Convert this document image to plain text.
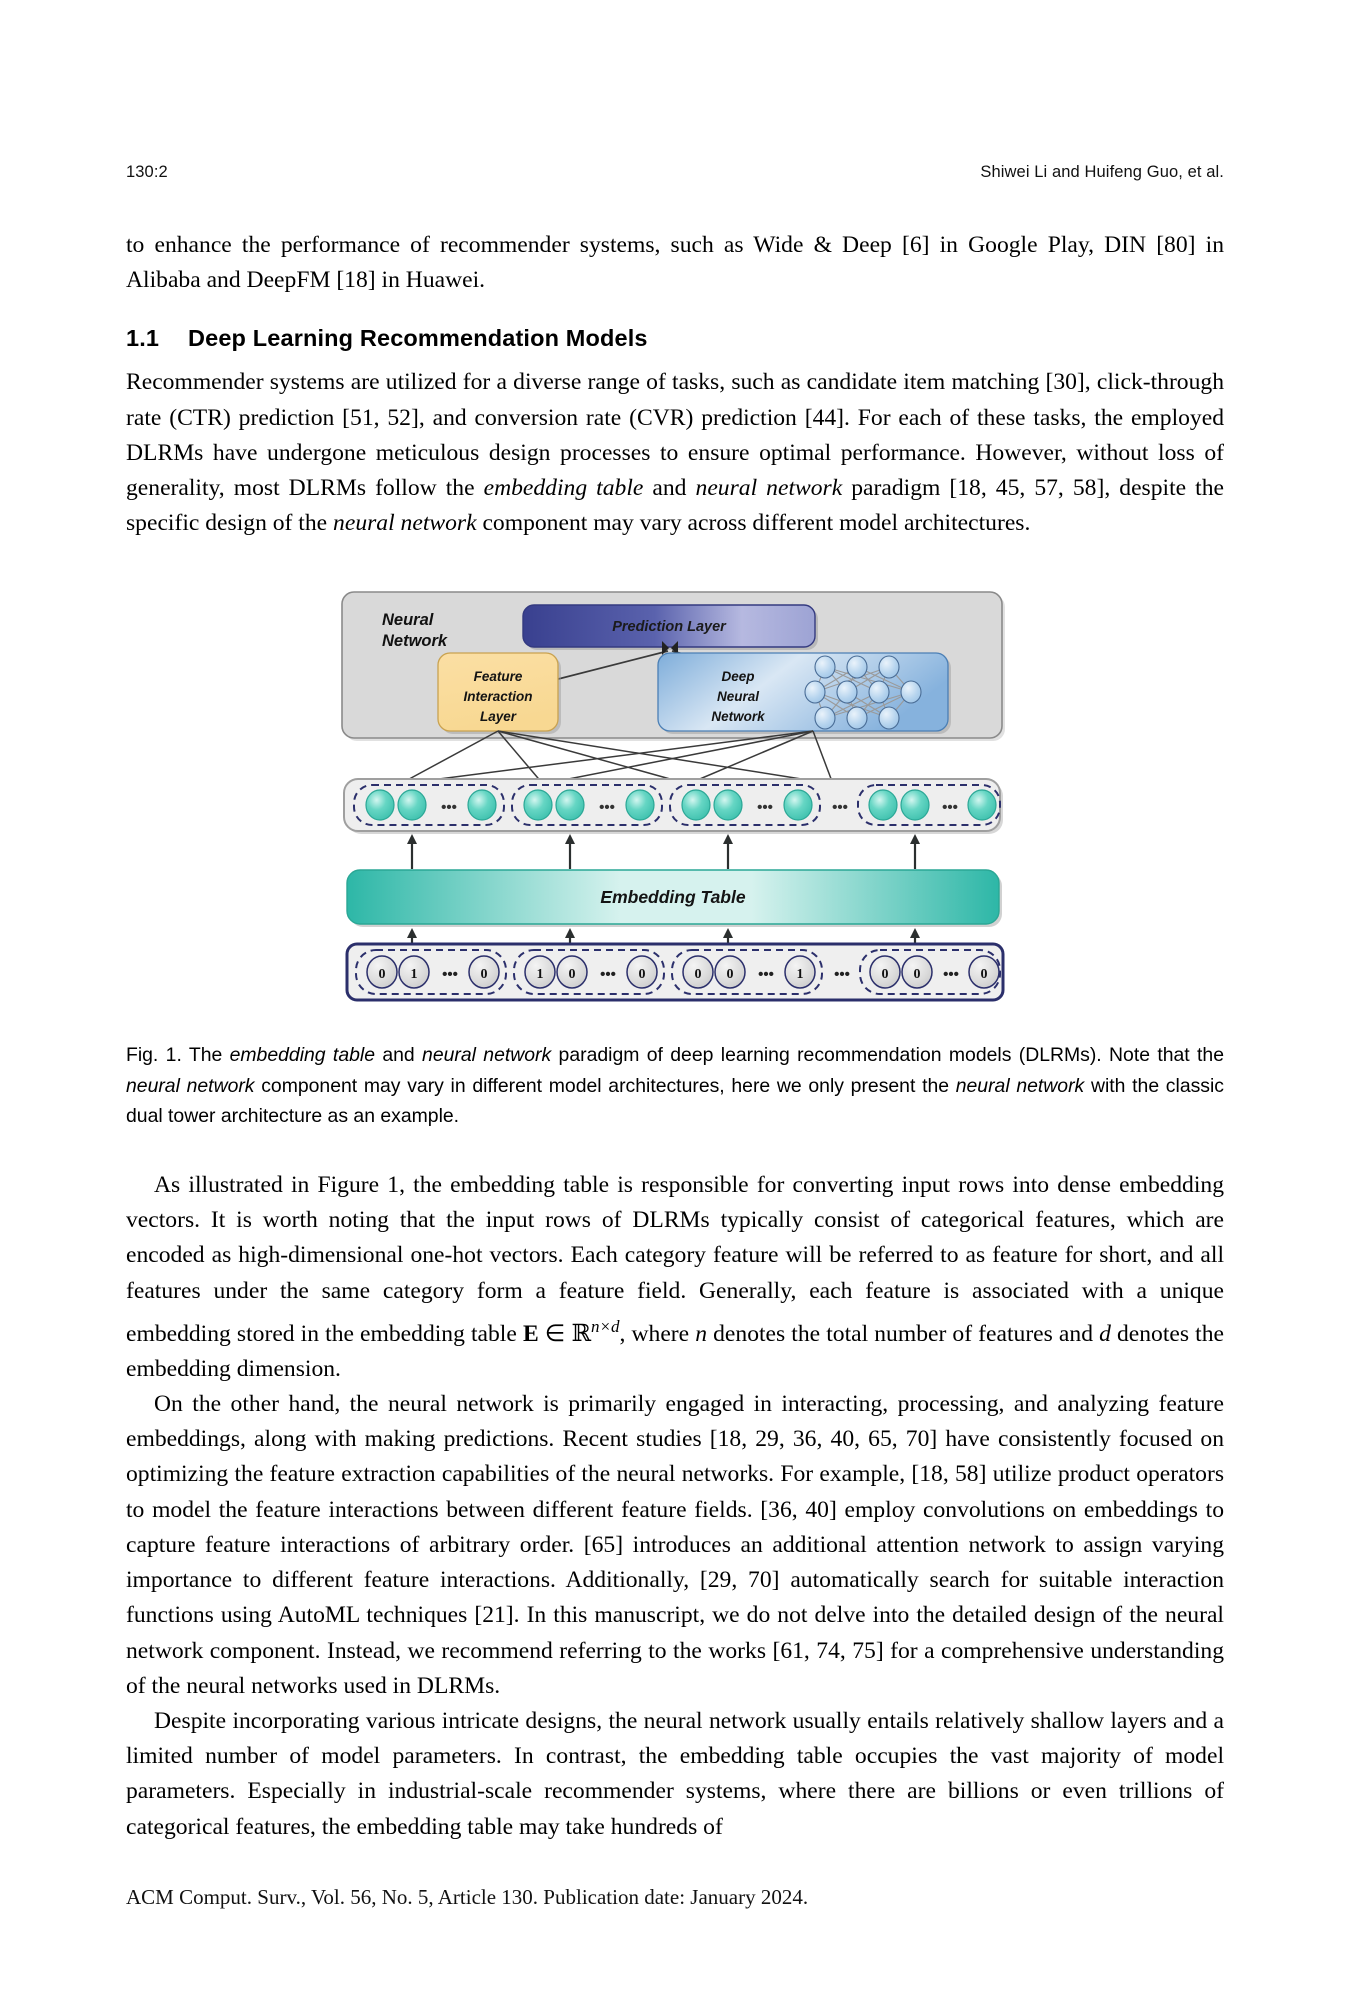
130:2	Shiwei Li and Huifeng Guo, et al.

to enhance the performance of recommender systems, such as Wide & Deep [6] in Google Play, DIN [80] in Alibaba and DeepFM [18] in Huawei.

1.1 Deep Learning Recommendation Models

Recommender systems are utilized for a diverse range of tasks, such as candidate item matching [30], click-through rate (CTR) prediction [51, 52], and conversion rate (CVR) prediction [44]. For each of these tasks, the employed DLRMs have undergone meticulous design processes to ensure optimal performance. However, without loss of generality, most DLRMs follow the embedding table and neural network paradigm [18, 45, 57, 58], despite the specific design of the neural network component may vary across different model architectures.

Neural
Network
Prediction Layer
Feature
Interaction
Layer
Deep
Neural
Network
•••	•••	•••	•••	•••
Embedding Table
0 1 ••• 0	1 0 ••• 0	0 0 ••• 1 ••• 0 0 ••• 0
Fig. 1. The embedding table and neural network paradigm of deep learning recommendation models (DLRMs). Note that the neural network component may vary in different model architectures, here we only present the neural network with the classic dual tower architecture as an example.

As illustrated in Figure 1, the embedding table is responsible for converting input rows into dense embedding vectors. It is worth noting that the input rows of DLRMs typically consist of categorical features, which are encoded as high-dimensional one-hot vectors. Each category feature will be referred to as feature for short, and all features under the same category form a feature field. Generally, each feature is associated with a unique embedding stored in the embedding table E ∈ ℝ$^{n\times d}$, where n denotes the total number of features and d denotes the embedding dimension.

On the other hand, the neural network is primarily engaged in interacting, processing, and analyzing feature embeddings, along with making predictions. Recent studies [18, 29, 36, 40, 65, 70] have consistently focused on optimizing the feature extraction capabilities of the neural networks. For example, [18, 58] utilize product operators to model the feature interactions between different feature fields. [36, 40] employ convolutions on embeddings to capture feature interactions of arbitrary order. [65] introduces an additional attention network to assign varying importance to different feature interactions. Additionally, [29, 70] automatically search for suitable interaction functions using AutoML techniques [21]. In this manuscript, we do not delve into the detailed design of the neural network component. Instead, we recommend referring to the works [61, 74, 75] for a comprehensive understanding of the neural networks used in DLRMs.

Despite incorporating various intricate designs, the neural network usually entails relatively shallow layers and a limited number of model parameters. In contrast, the embedding table occupies the vast majority of model parameters. Especially in industrial-scale recommender systems, where there are billions or even trillions of categorical features, the embedding table may take hundreds of

ACM Comput. Surv., Vol. 56, No. 5, Article 130. Publication date: January 2024.
